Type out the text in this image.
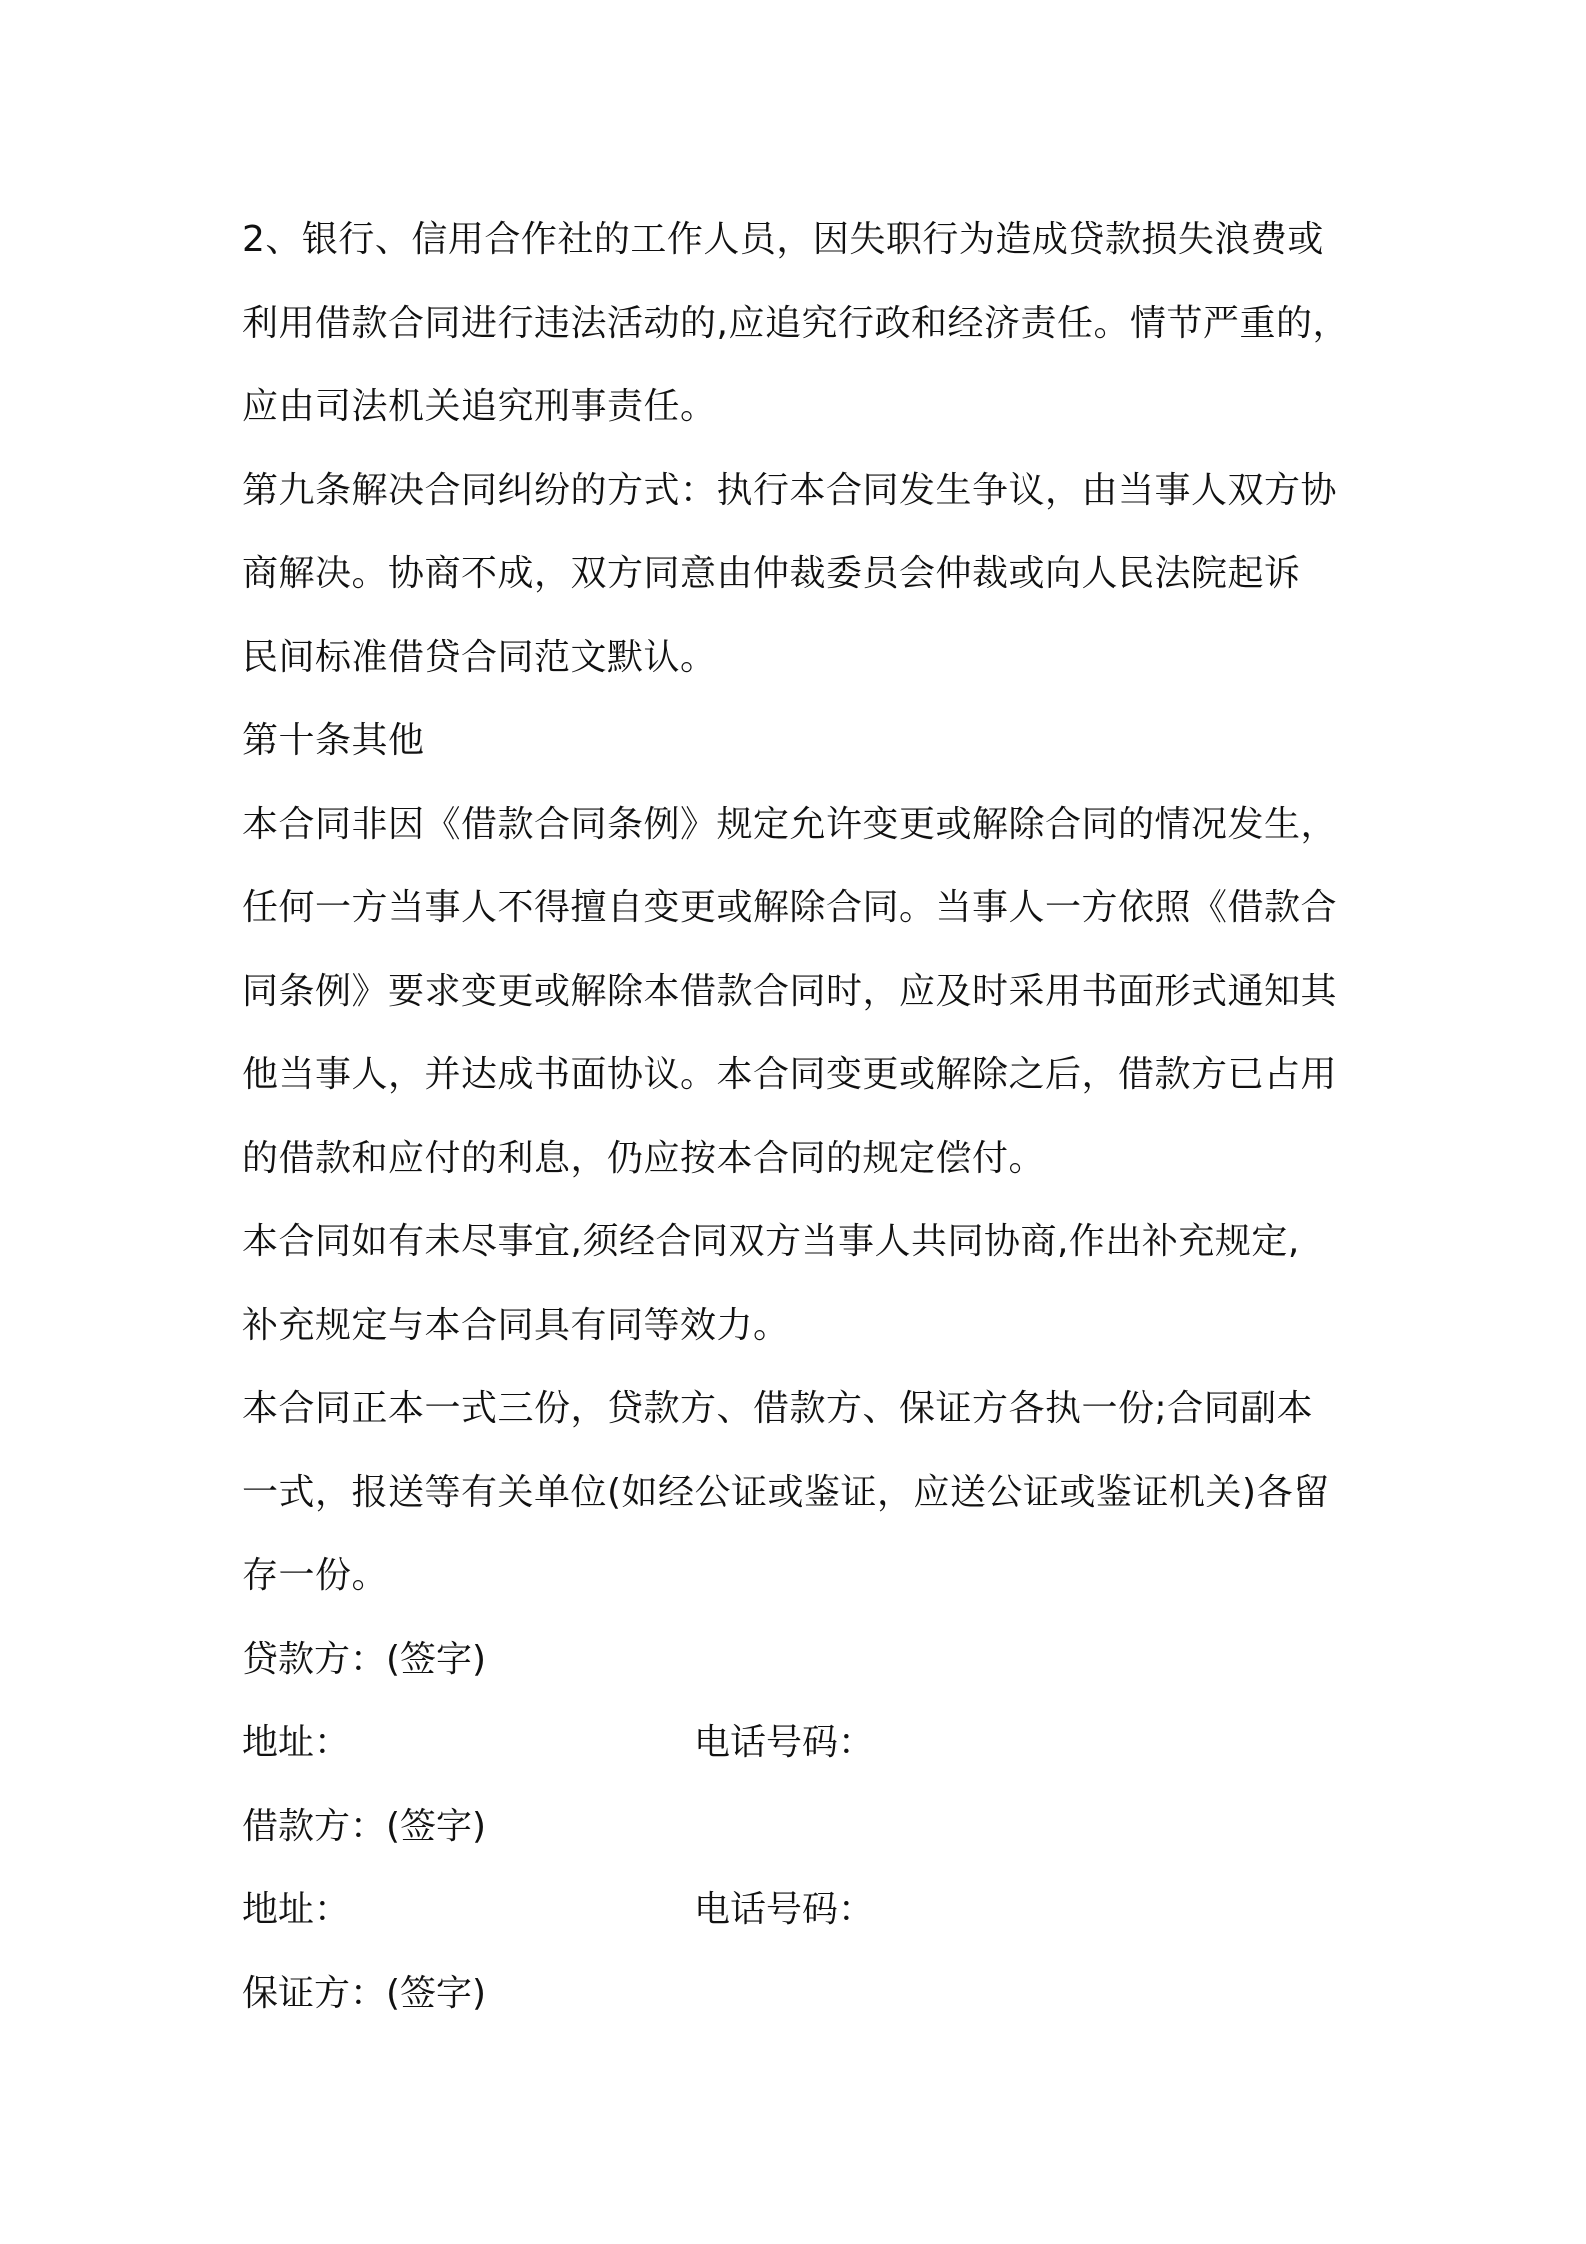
2、银行、信用合作社的工作人员，因失职行为造成贷款损失浪费或

利用借款合同进行违法活动的,应追究行政和经济责任。情节严重的，

应由司法机关追究刑事责任。

第九条解决合同纠纷的方式：执行本合同发生争议，由当事人双方协

商解决。协商不成，双方同意由仲裁委员会仲裁或向人民法院起诉

民间标准借贷合同范文默认。

第十条其他

本合同非因《借款合同条例》规定允许变更或解除合同的情况发生，

任何一方当事人不得擅自变更或解除合同。当事人一方依照《借款合

同条例》要求变更或解除本借款合同时，应及时采用书面形式通知其

他当事人，并达成书面协议。本合同变更或解除之后，借款方已占用

的借款和应付的利息，仍应按本合同的规定偿付。

本合同如有未尽事宜,须经合同双方当事人共同协商,作出补充规定,

补充规定与本合同具有同等效力。

本合同正本一式三份，贷款方、借款方、保证方各执一份;合同副本

一式，报送等有关单位(如经公证或鉴证，应送公证或鉴证机关)各留

存一份。

贷款方：(签字)
地址：	电话号码：
借款方：(签字)
地址：	电话号码：
保证方：(签字)
